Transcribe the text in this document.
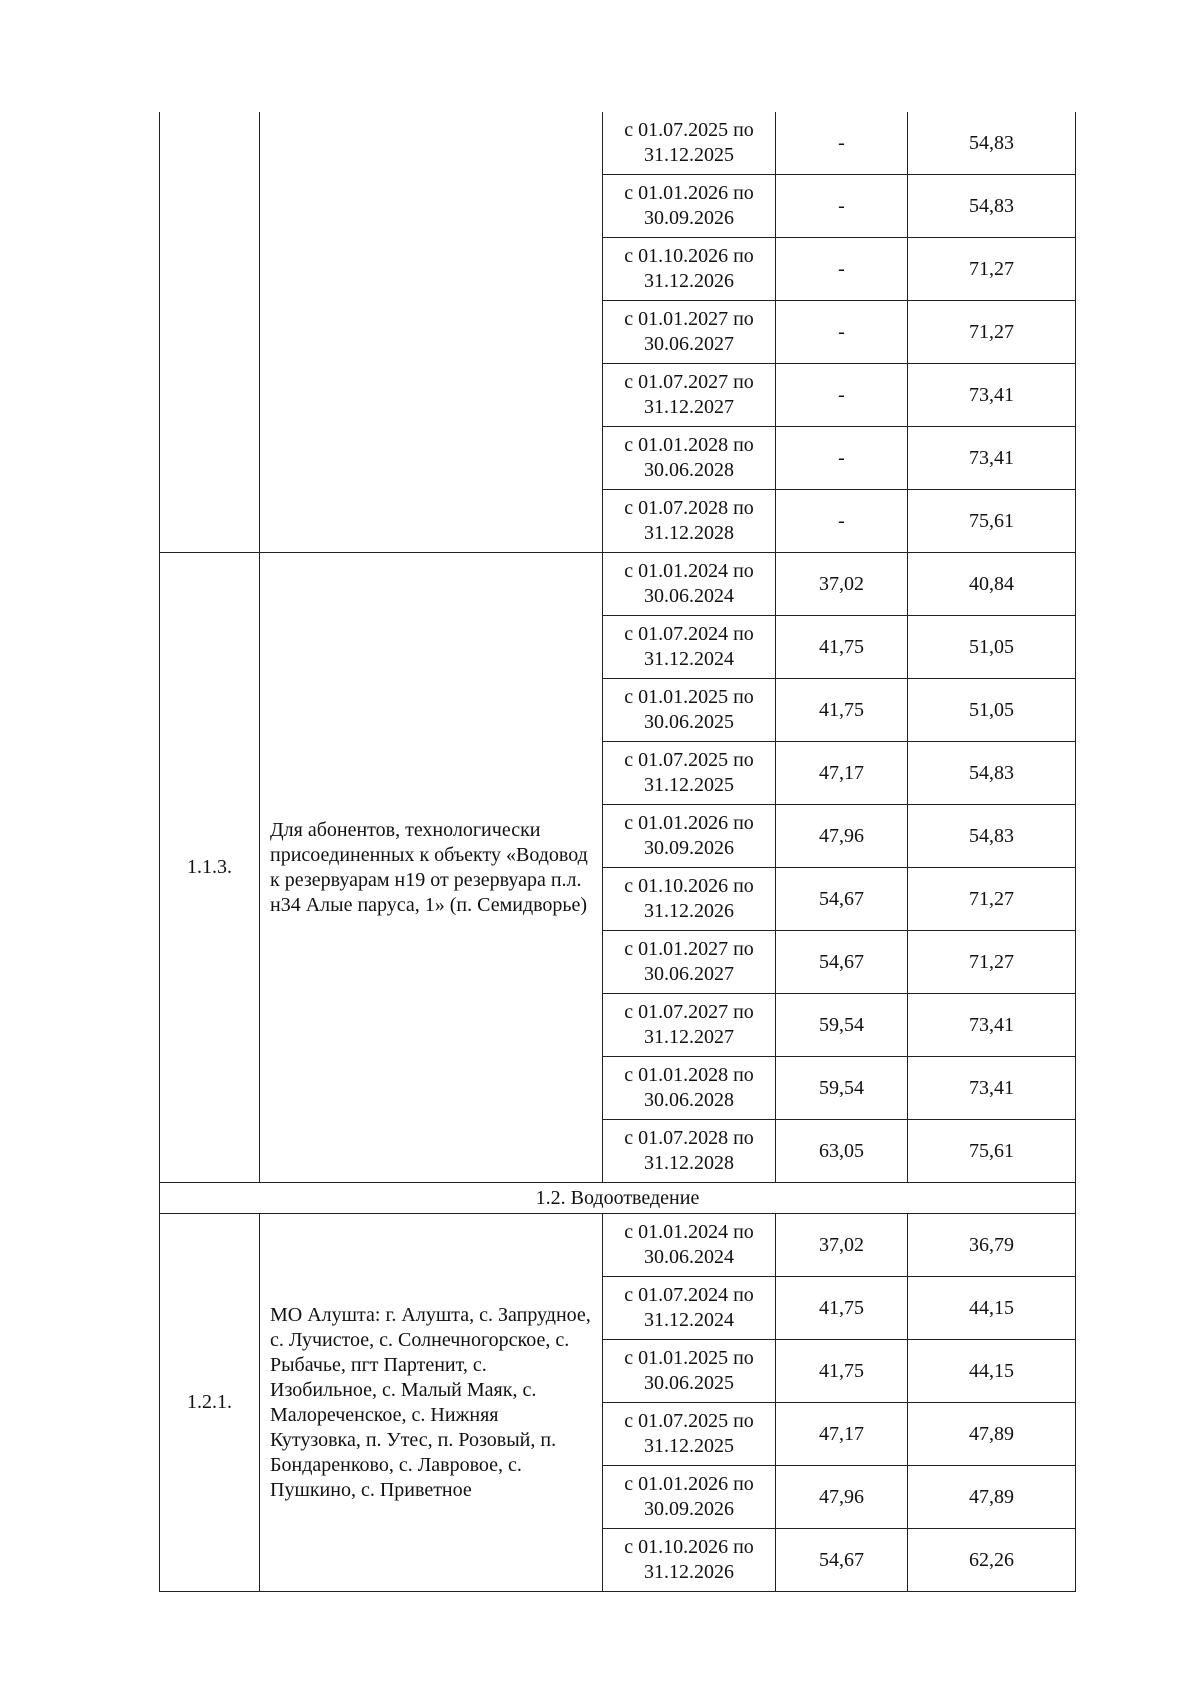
		с 01.07.2025 по
31.12.2025	-	54,83
		с 01.01.2026 по
30.09.2026	-	54,83
		с 01.10.2026 по
31.12.2026	-	71,27
		с 01.01.2027 по
30.06.2027	-	71,27
		с 01.07.2027 по
31.12.2027	-	73,41
		с 01.01.2028 по
30.06.2028	-	73,41
		с 01.07.2028 по
31.12.2028	-	75,61
1.1.3.	Для абонентов, технологически присоединенных к объекту «Водовод к резервуарам н19 от резервуара п.л. н34 Алые паруса, 1» (п. Семидворье)	с 01.01.2024 по
30.06.2024	37,02	40,84
		с 01.07.2024 по
31.12.2024	41,75	51,05
		с 01.01.2025 по
30.06.2025	41,75	51,05
		с 01.07.2025 по
31.12.2025	47,17	54,83
		с 01.01.2026 по
30.09.2026	47,96	54,83
		с 01.10.2026 по
31.12.2026	54,67	71,27
		с 01.01.2027 по
30.06.2027	54,67	71,27
		с 01.07.2027 по
31.12.2027	59,54	73,41
		с 01.01.2028 по
30.06.2028	59,54	73,41
		с 01.07.2028 по
31.12.2028	63,05	75,61
1.2. Водоотведение				
1.2.1.	МО Алушта: г. Алушта, с. Запрудное, с. Лучистое, с. Солнечногорское, с. Рыбачье, пгт Партенит, с. Изобильное, с. Малый Маяк, с. Малореченское, с. Нижняя Кутузовка, п. Утес, п. Розовый, п. Бондаренково, с. Лавровое, с. Пушкино, с. Приветное	с 01.01.2024 по
30.06.2024	37,02	36,79
		с 01.07.2024 по
31.12.2024	41,75	44,15
		с 01.01.2025 по
30.06.2025	41,75	44,15
		с 01.07.2025 по
31.12.2025	47,17	47,89
		с 01.01.2026 по
30.09.2026	47,96	47,89
		с 01.10.2026 по
31.12.2026	54,67	62,26
